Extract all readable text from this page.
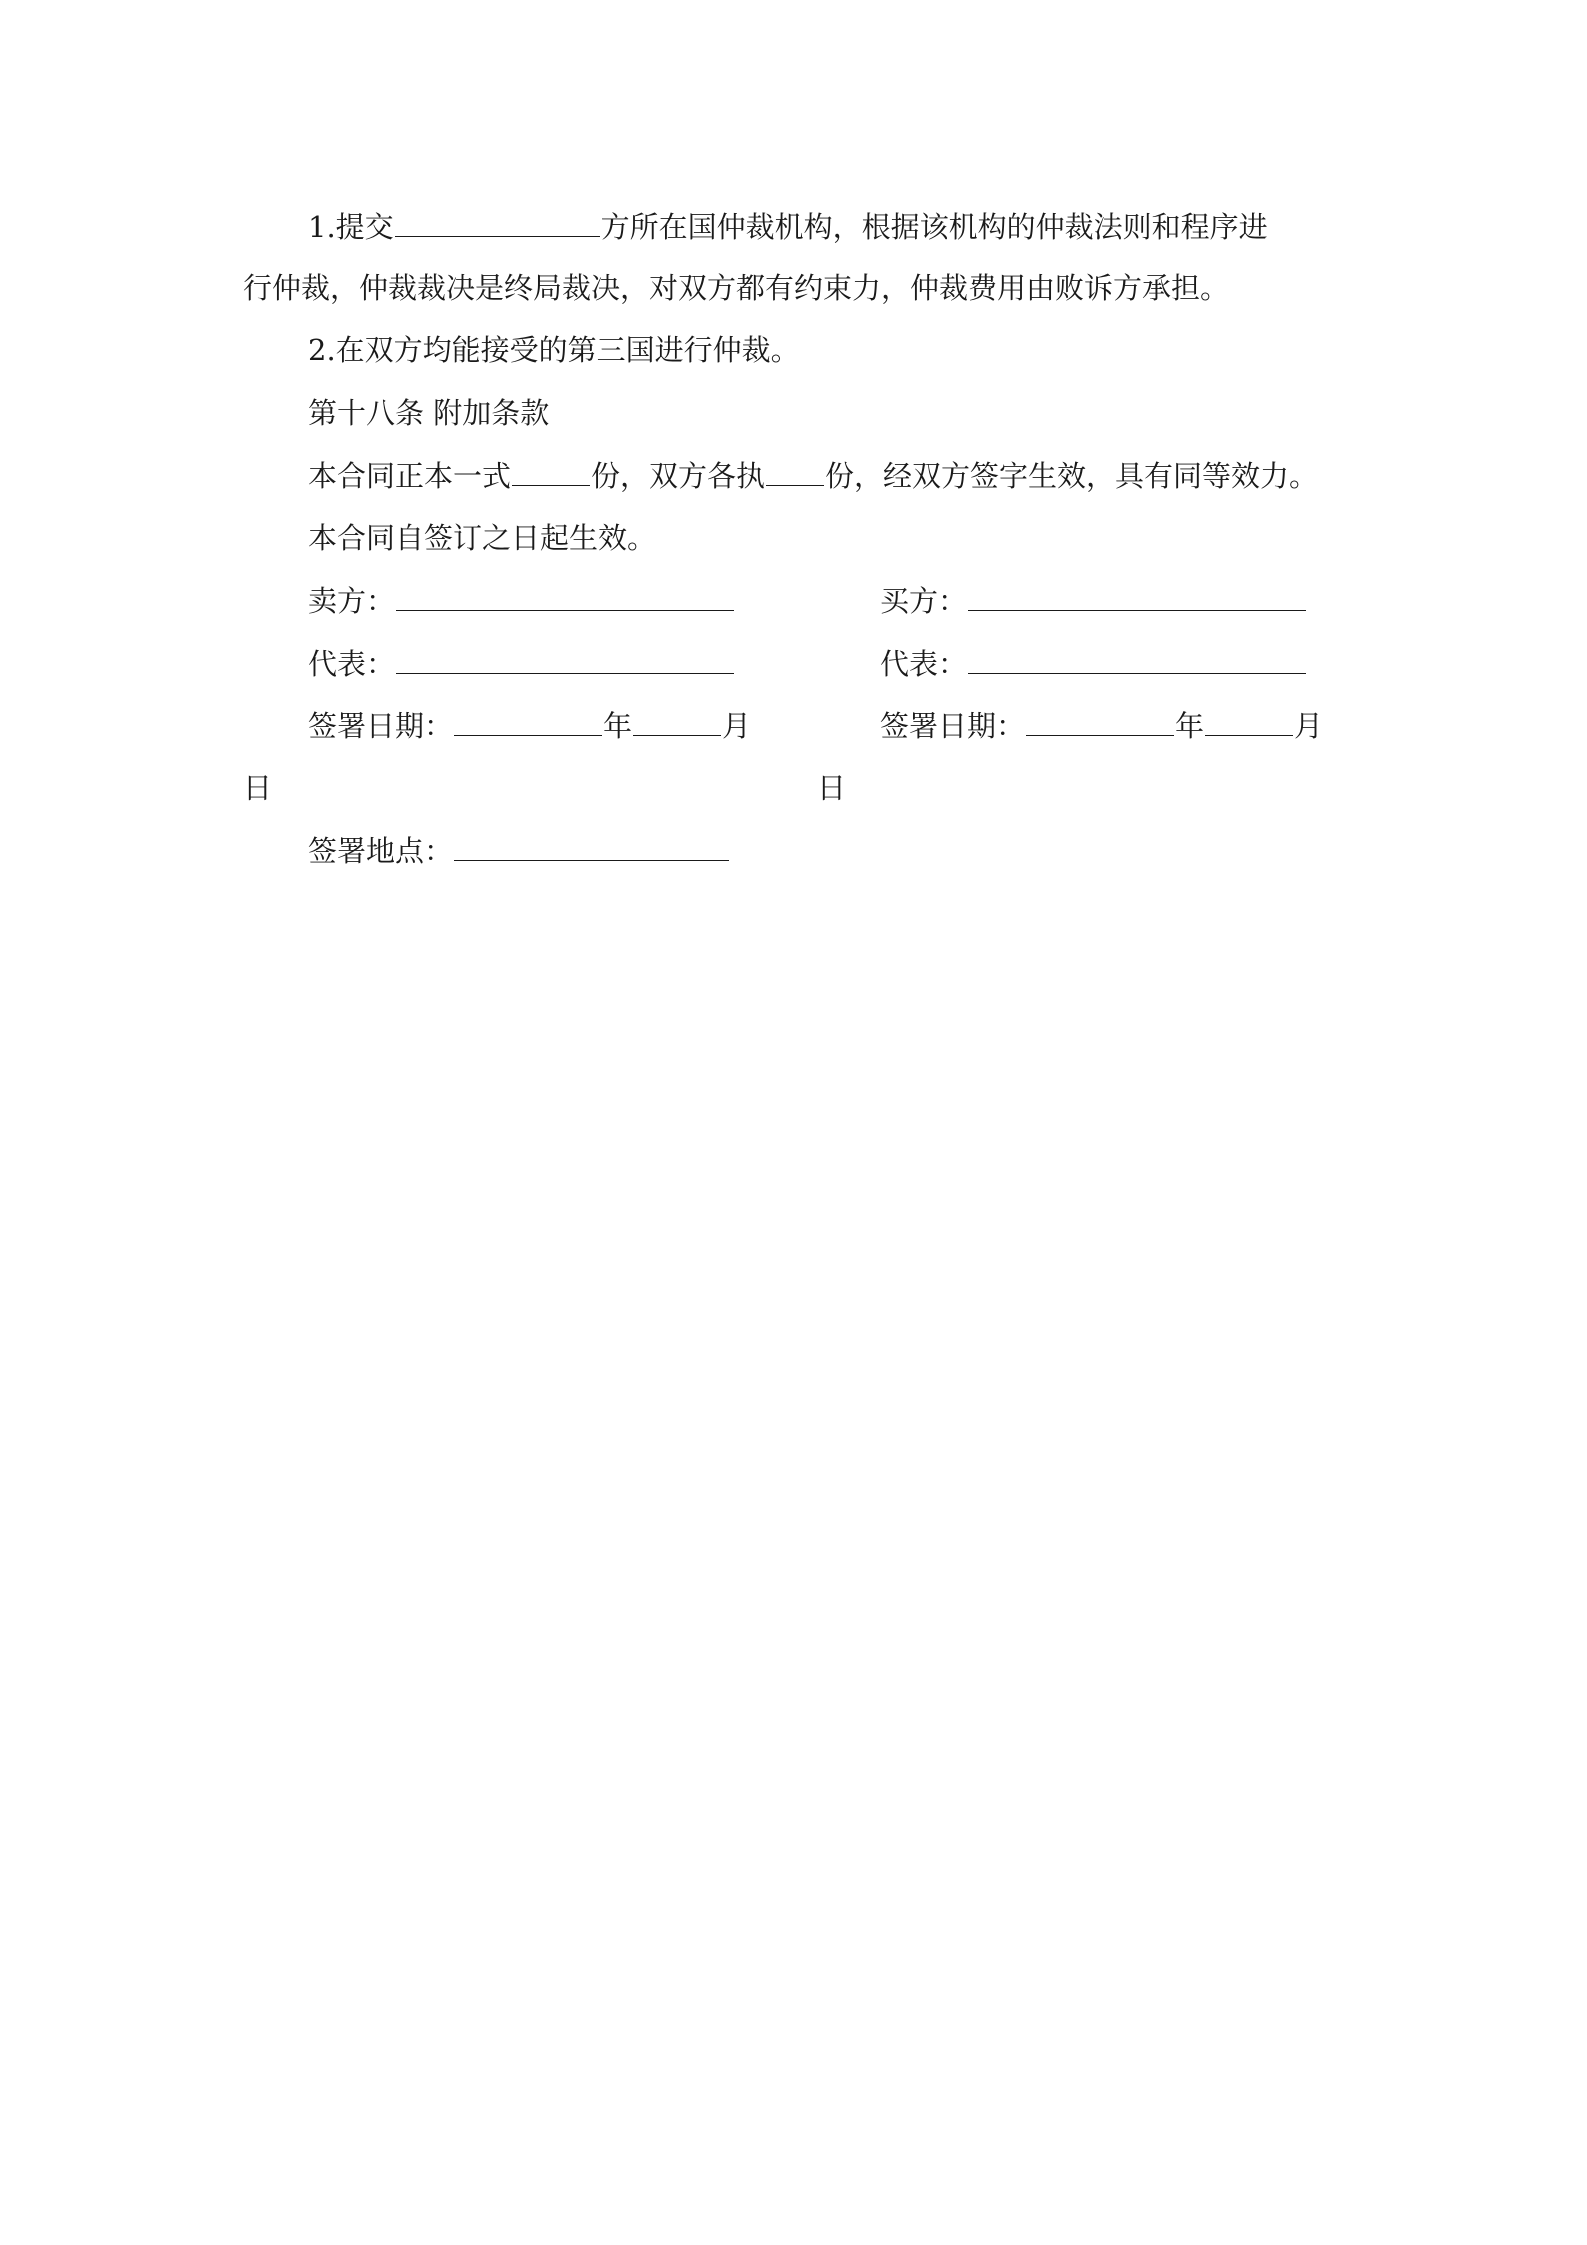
1.提交	方所在国仲裁机构，根据该机构的仲裁法则和程序进
行仲裁，仲裁裁决是终局裁决，对双方都有约束力，仲裁费用由败诉方承担。
2.在双方均能接受的第三国进行仲裁。
第十八条 附加条款
本合同正本一式	份，双方各执 份，经双方签字生效，具有同等效力。
本合同自签订之日起生效。
卖方：	买方：
代表：	代表：
签署日期：	年	月	签署日期：	年	月
日	日
签署地点：
